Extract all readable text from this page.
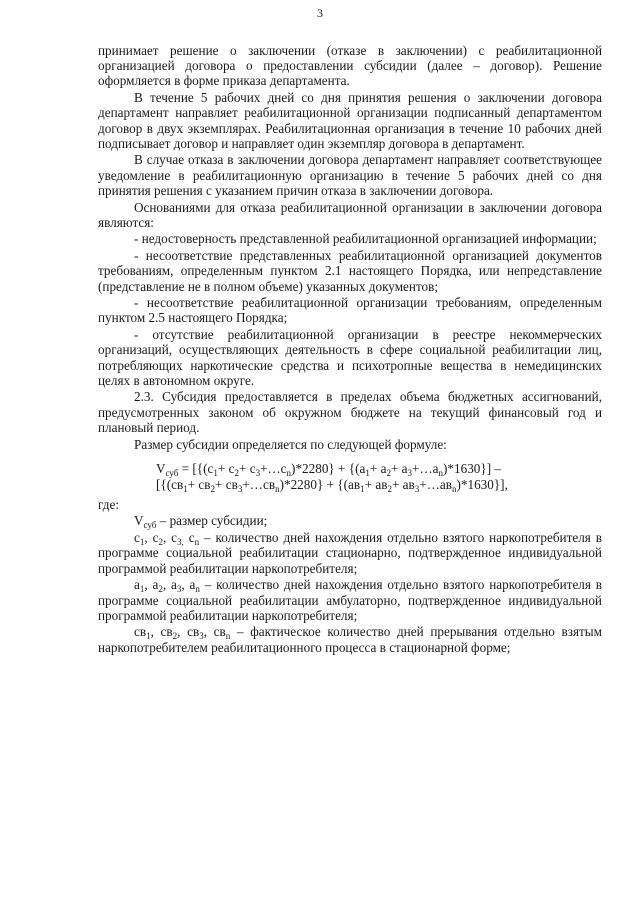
3

принимает решение о заключении (отказе в заключении) с реабилитационной организацией договора о предоставлении субсидии (далее – договор). Решение оформляется в форме приказа департамента.

В течение 5 рабочих дней со дня принятия решения о заключении договора департамент направляет реабилитационной организации подписанный департаментом договор в двух экземплярах. Реабилитационная организация в течение 10 рабочих дней подписывает договор и направляет один экземпляр договора в департамент.

В случае отказа в заключении договора департамент направляет соответствующее уведомление в реабилитационную организацию в течение 5 рабочих дней со дня принятия решения с указанием причин отказа в заключении договора.

Основаниями для отказа реабилитационной организации в заключении договора являются:

- недостоверность представленной реабилитационной организацией информации;

- несоответствие представленных реабилитационной организацией документов требованиям, определенным пунктом 2.1 настоящего Порядка, или непредставление (представление не в полном объеме) указанных документов;

- несоответствие реабилитационной организации требованиям, определенным пунктом 2.5 настоящего Порядка;

- отсутствие реабилитационной организации в реестре некоммерческих организаций, осуществляющих деятельность в сфере социальной реабилитации лиц, потребляющих наркотические средства и психотропные вещества в немедицинских целях в автономном округе.

2.3. Субсидия предоставляется в пределах объема бюджетных ассигнований, предусмотренных законом об окружном бюджете на текущий финансовый год и плановый период.

Размер субсидии определяется по следующей формуле:

$V_{суб} = [\{(c_1+ c_2+$ $c_3+\dots c_n)*2280\} + \{(a_1+ a_2+$ $a_3+\dots a_n)*1630$}] –
[{($св_1+ св_2+$ $св_3+\dots св_n)*2280\} + \{(ав_1+ ав_2+$ $ав_3+\dots ав_n)*1630$}],

где:

$V_{суб}$ – размер субсидии;

$c_1$, $c_2$, $c_{3,}$ $c_n$ – количество дней нахождения отдельно взятого наркопотребителя в программе социальной реабилитации стационарно, подтвержденное индивидуальной программой реабилитации наркопотребителя;

$a_1$, $a_2$, $a_3$, $a_n$ – количество дней нахождения отдельно взятого наркопотребителя в программе социальной реабилитации амбулаторно, подтвержденное индивидуальной программой реабилитации наркопотребителя;

$св_1$, $св_2$, $св_3$, $св_n$ – фактическое количество дней прерывания отдельно взятым наркопотребителем реабилитационного процесса в стационарной форме;
